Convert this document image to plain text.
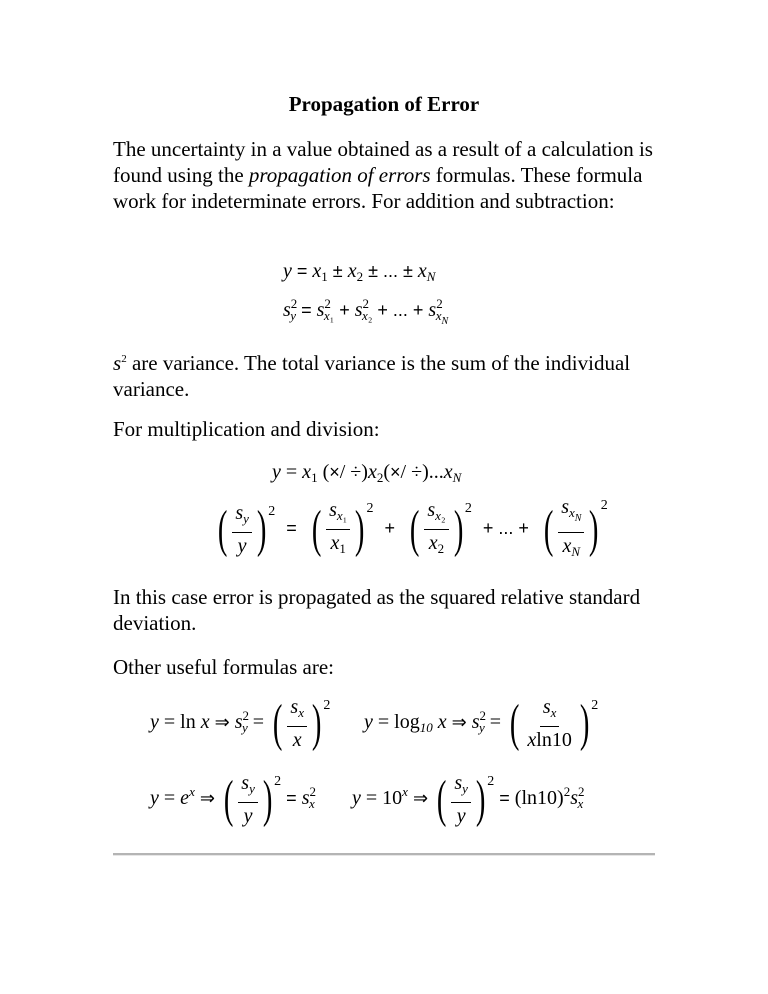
Propagation of Error
The uncertainty in a value obtained as a result of a calculation is found using the propagation of errors formulas. These formula work for indeterminate errors. For addition and subtraction:
$y = x_1 \pm x_2$ ± ... ± $x_N$
$s^2_y = s^2_{x_1} + s^2_{x_2}$ + ... + $s^2_{x_N}$
$s^2$ are variance. The total variance is the sum of the individual variance.
For multiplication and division:
$y = x_1$ (×/ $\div)x_2(\times/ \div)...x_N$
( $\frac{s_y}{y}$ ) 2
= ( $\frac{s_{x_1}}{x_1}$ ) 2
+ ( $\frac{s_{x_2}}{x_2}$ ) 2
+ ... + ( $\frac{s_{x_N}}{x_N}$ ) 2
In this case error is propagated as the squared relative standard deviation.
Other useful formulas are:
y = ln x ⇒ $s^2_y$ = ( $\frac{s_x}{x}$ ) 2
$y = \log_{10} x$ ⇒ $s^2_y$ = ( $\frac{s_x}{xln10}$ ) 2
$y = e^x$ ⇒ ( $\frac{s_y}{y}$ ) 2
= $s^2_x$ $y = 10^x$ ⇒ ( $\frac{s_y}{y}$ ) 2
= $(\ln 10)^2s^2_x$
